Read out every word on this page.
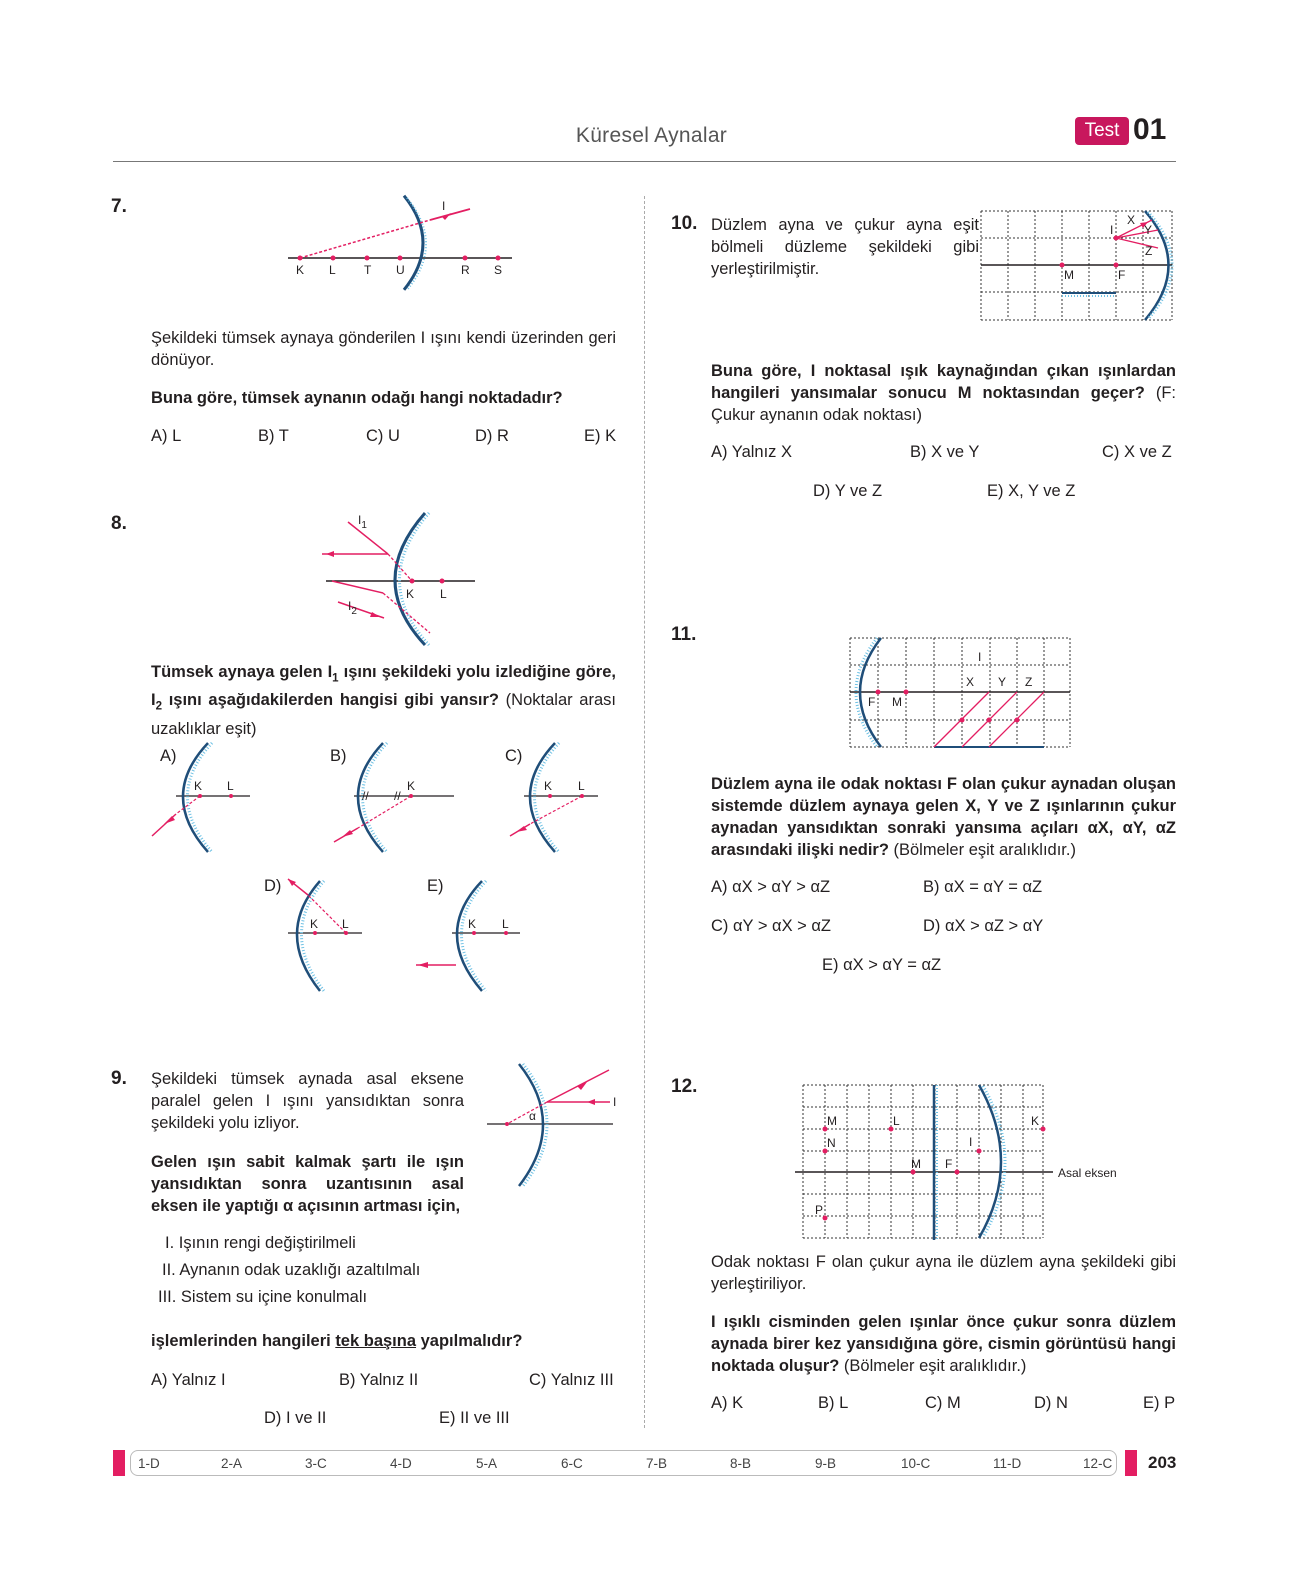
Küresel Aynalar	Test 01
7.	I
K L T U	R S
Şekildeki tümsek aynaya gönderilen I ışını kendi üzerinden geri dönüyor.
Buna göre, tümsek aynanın odağı hangi noktadadır?
A) L	B) T	C) U	D) R	E) K
8.	$I_1$
$I_2$
K L
Tümsek aynaya gelen $I_1$ ışını şekildeki yolu izlediğine göre, $I_2$ ışını aşağıdakilerden hangisi gibi yansır? (Noktalar arası uzaklıklar eşit)
A)
K L
B)
// //
K
C)
K L
D)
K L
E)
K L
9. Şekildeki tümsek aynada asal eksene paralel gelen I ışını yansıdıktan sonra şekildeki yolu izliyor.	α
I
Gelen ışın sabit kalmak şartı ile ışın yansıdıktan sonra uzantısının asal eksen ile yaptığı α açısının artması için,
I. Işının rengi değiştirilmeli
II. Aynanın odak uzaklığı azaltılmalı
III. Sistem su içine konulmalı
işlemlerinden hangileri tek başına yapılmalıdır?
A) Yalnız I	B) Yalnız II	C) Yalnız III
D) I ve II	E) II ve III
10. Düzlem ayna ve çukur ayna eşit bölmeli düzleme şekildeki gibi yerleştirilmiştir.
I
X
Y
Z
M	F
Buna göre, I noktasal ışık kaynağından çıkan ışınlardan hangileri yansımalar sonucu M noktasından geçer? (F: Çukur aynanın odak noktası)
A) Yalnız X	B) X ve Y	C) X ve Z
D) Y ve Z	E) X, Y ve Z
11.
I
X Y Z
F M
Düzlem ayna ile odak noktası F olan çukur aynadan oluşan sistemde düzlem aynaya gelen X, Y ve Z ışınlarının çukur aynadan yansıdıktan sonraki yansıma açıları αX, αY, αZ arasındaki ilişki nedir? (Bölmeler eşit aralıklıdır.)
A) αX > αY > αZ	B) αX = αY = αZ
C) αY > αX > αZ	D) αX > αZ > αY
E) αX > αY = αZ
12.
M
N
L
I
K
M F
P
Asal eksen
Odak noktası F olan çukur ayna ile düzlem ayna şekildeki gibi yerleştiriliyor.
I ışıklı cisminden gelen ışınlar önce çukur sonra düzlem aynada birer kez yansıdığına göre, cismin görüntüsü hangi noktada oluşur? (Bölmeler eşit aralıklıdır.)
A) K	B) L	C) M	D) N	E) P
1-D	2-A	3-C	4-D	5-A	6-C	7-B	8-B	9-B	10-C	11-D	12-C 203
